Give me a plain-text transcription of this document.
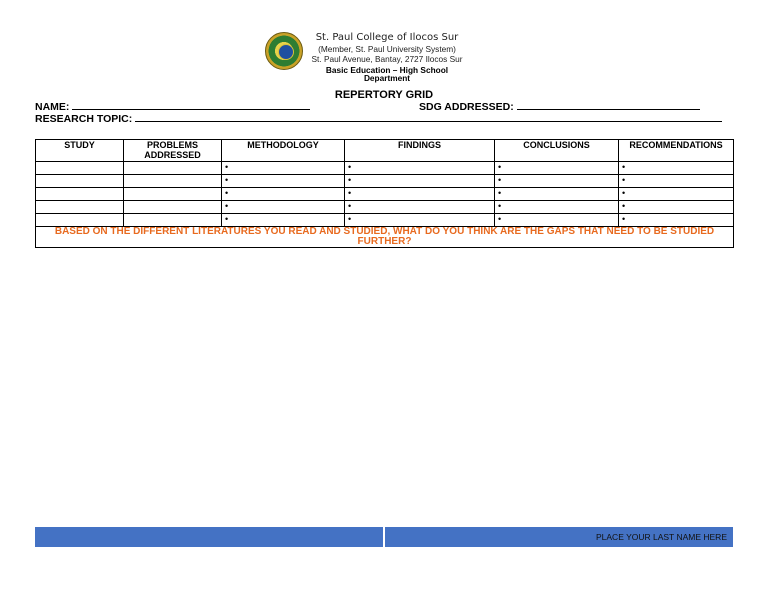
St. Paul College of Ilocos Sur
(Member, St. Paul University System)
St. Paul Avenue, Bantay, 2727 Ilocos Sur
Basic Education – High School Department
REPERTORY GRID
NAME:	SDG ADDRESSED:
RESEARCH TOPIC:
STUDY	PROBLEMS ADDRESSED	METHODOLOGY	FINDINGS	CONCLUSIONS	RECOMMENDATIONS
		•	•	•	•
		•	•	•	•
		•	•	•	•
		•	•	•	•
		•	•	•	•
BASED ON THE DIFFERENT LITERATURES YOU READ AND STUDIED, WHAT DO YOU THINK ARE THE GAPS THAT NEED TO BE STUDIED FURTHER?					
PLACE YOUR LAST NAME HERE
